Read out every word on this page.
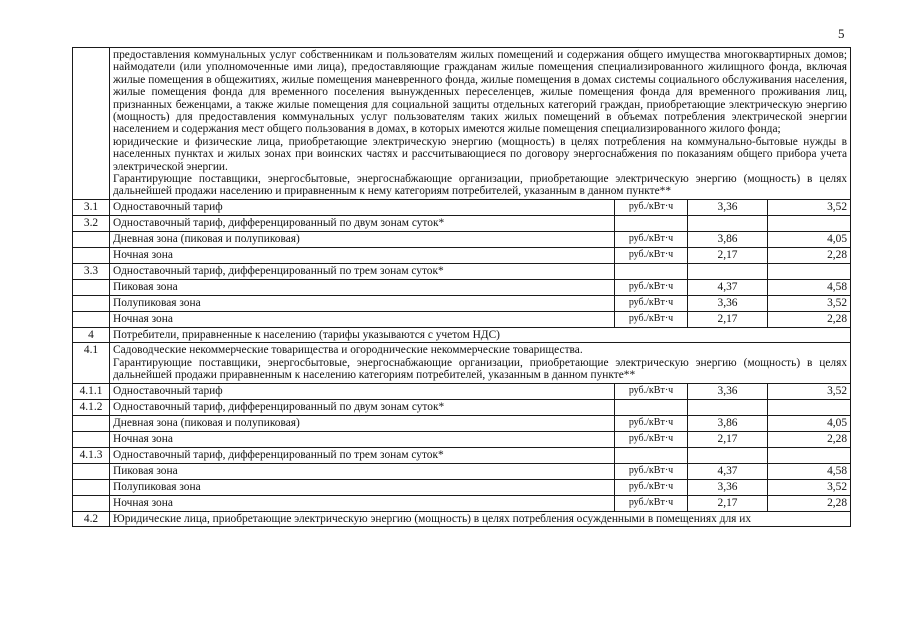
5

	предоставления коммунальных услуг собственникам и пользователям жилых помещений и содержания общего имущества многоквартирных домов; наймодатели (или уполномоченные ими лица), предоставляющие гражданам жилые помещения специализированного жилищного фонда, включая жилые помещения в общежитиях, жилые помещения маневренного фонда, жилые помещения в домах системы социального обслуживания населения, жилые помещения фонда для временного поселения вынужденных переселенцев, жилые помещения фонда для временного проживания лиц, признанных беженцами, а также жилые помещения для социальной защиты отдельных категорий граждан, приобретающие электрическую энергию (мощность) для предоставления коммунальных услуг пользователям таких жилых помещений в объемах потребления электрической энергии населением и содержания мест общего пользования в домах, в которых имеются жилые помещения специализированного жилого фонда;
юридические и физические лица, приобретающие электрическую энергию (мощность) в целях потребления на коммунально-бытовые нужды в населенных пунктах и жилых зонах при воинских частях и рассчитывающиеся по договору энергоснабжения по показаниям общего прибора учета электрической энергии.
Гарантирующие поставщики, энергосбытовые, энергоснабжающие организации, приобретающие электрическую энергию (мощность) в целях дальнейшей продажи населению и приравненным к нему категориям потребителей, указанным в данном пункте**			

3.1	Одноставочный тариф	руб./кВт·ч	3,36	3,52
3.2	Одноставочный тариф, дифференцированный по двум зонам суток*			
	Дневная зона (пиковая и полупиковая)	руб./кВт·ч	3,86	4,05
	Ночная зона	руб./кВт·ч	2,17	2,28
3.3	Одноставочный тариф, дифференцированный по трем зонам суток*			
	Пиковая зона	руб./кВт·ч	4,37	4,58
	Полупиковая зона	руб./кВт·ч	3,36	3,52
	Ночная зона	руб./кВт·ч	2,17	2,28
4	Потребители, приравненные к населению (тарифы указываются с учетом НДС)			
4.1	Садоводческие некоммерческие товарищества и огороднические некоммерческие товарищества.
Гарантирующие поставщики, энергосбытовые, энергоснабжающие организации, приобретающие электрическую энергию (мощность) в целях дальнейшей продажи приравненным к населению категориям потребителей, указанным в данном пункте**			

4.1.1	Одноставочный тариф	руб./кВт·ч	3,36	3,52
4.1.2	Одноставочный тариф, дифференцированный по двум зонам суток*			
	Дневная зона (пиковая и полупиковая)	руб./кВт·ч	3,86	4,05
	Ночная зона	руб./кВт·ч	2,17	2,28
4.1.3	Одноставочный тариф, дифференцированный по трем зонам суток*			
	Пиковая зона	руб./кВт·ч	4,37	4,58
	Полупиковая зона	руб./кВт·ч	3,36	3,52
	Ночная зона	руб./кВт·ч	2,17	2,28
4.2	Юридические лица, приобретающие электрическую энергию (мощность) в целях потребления осужденными в помещениях для их			
